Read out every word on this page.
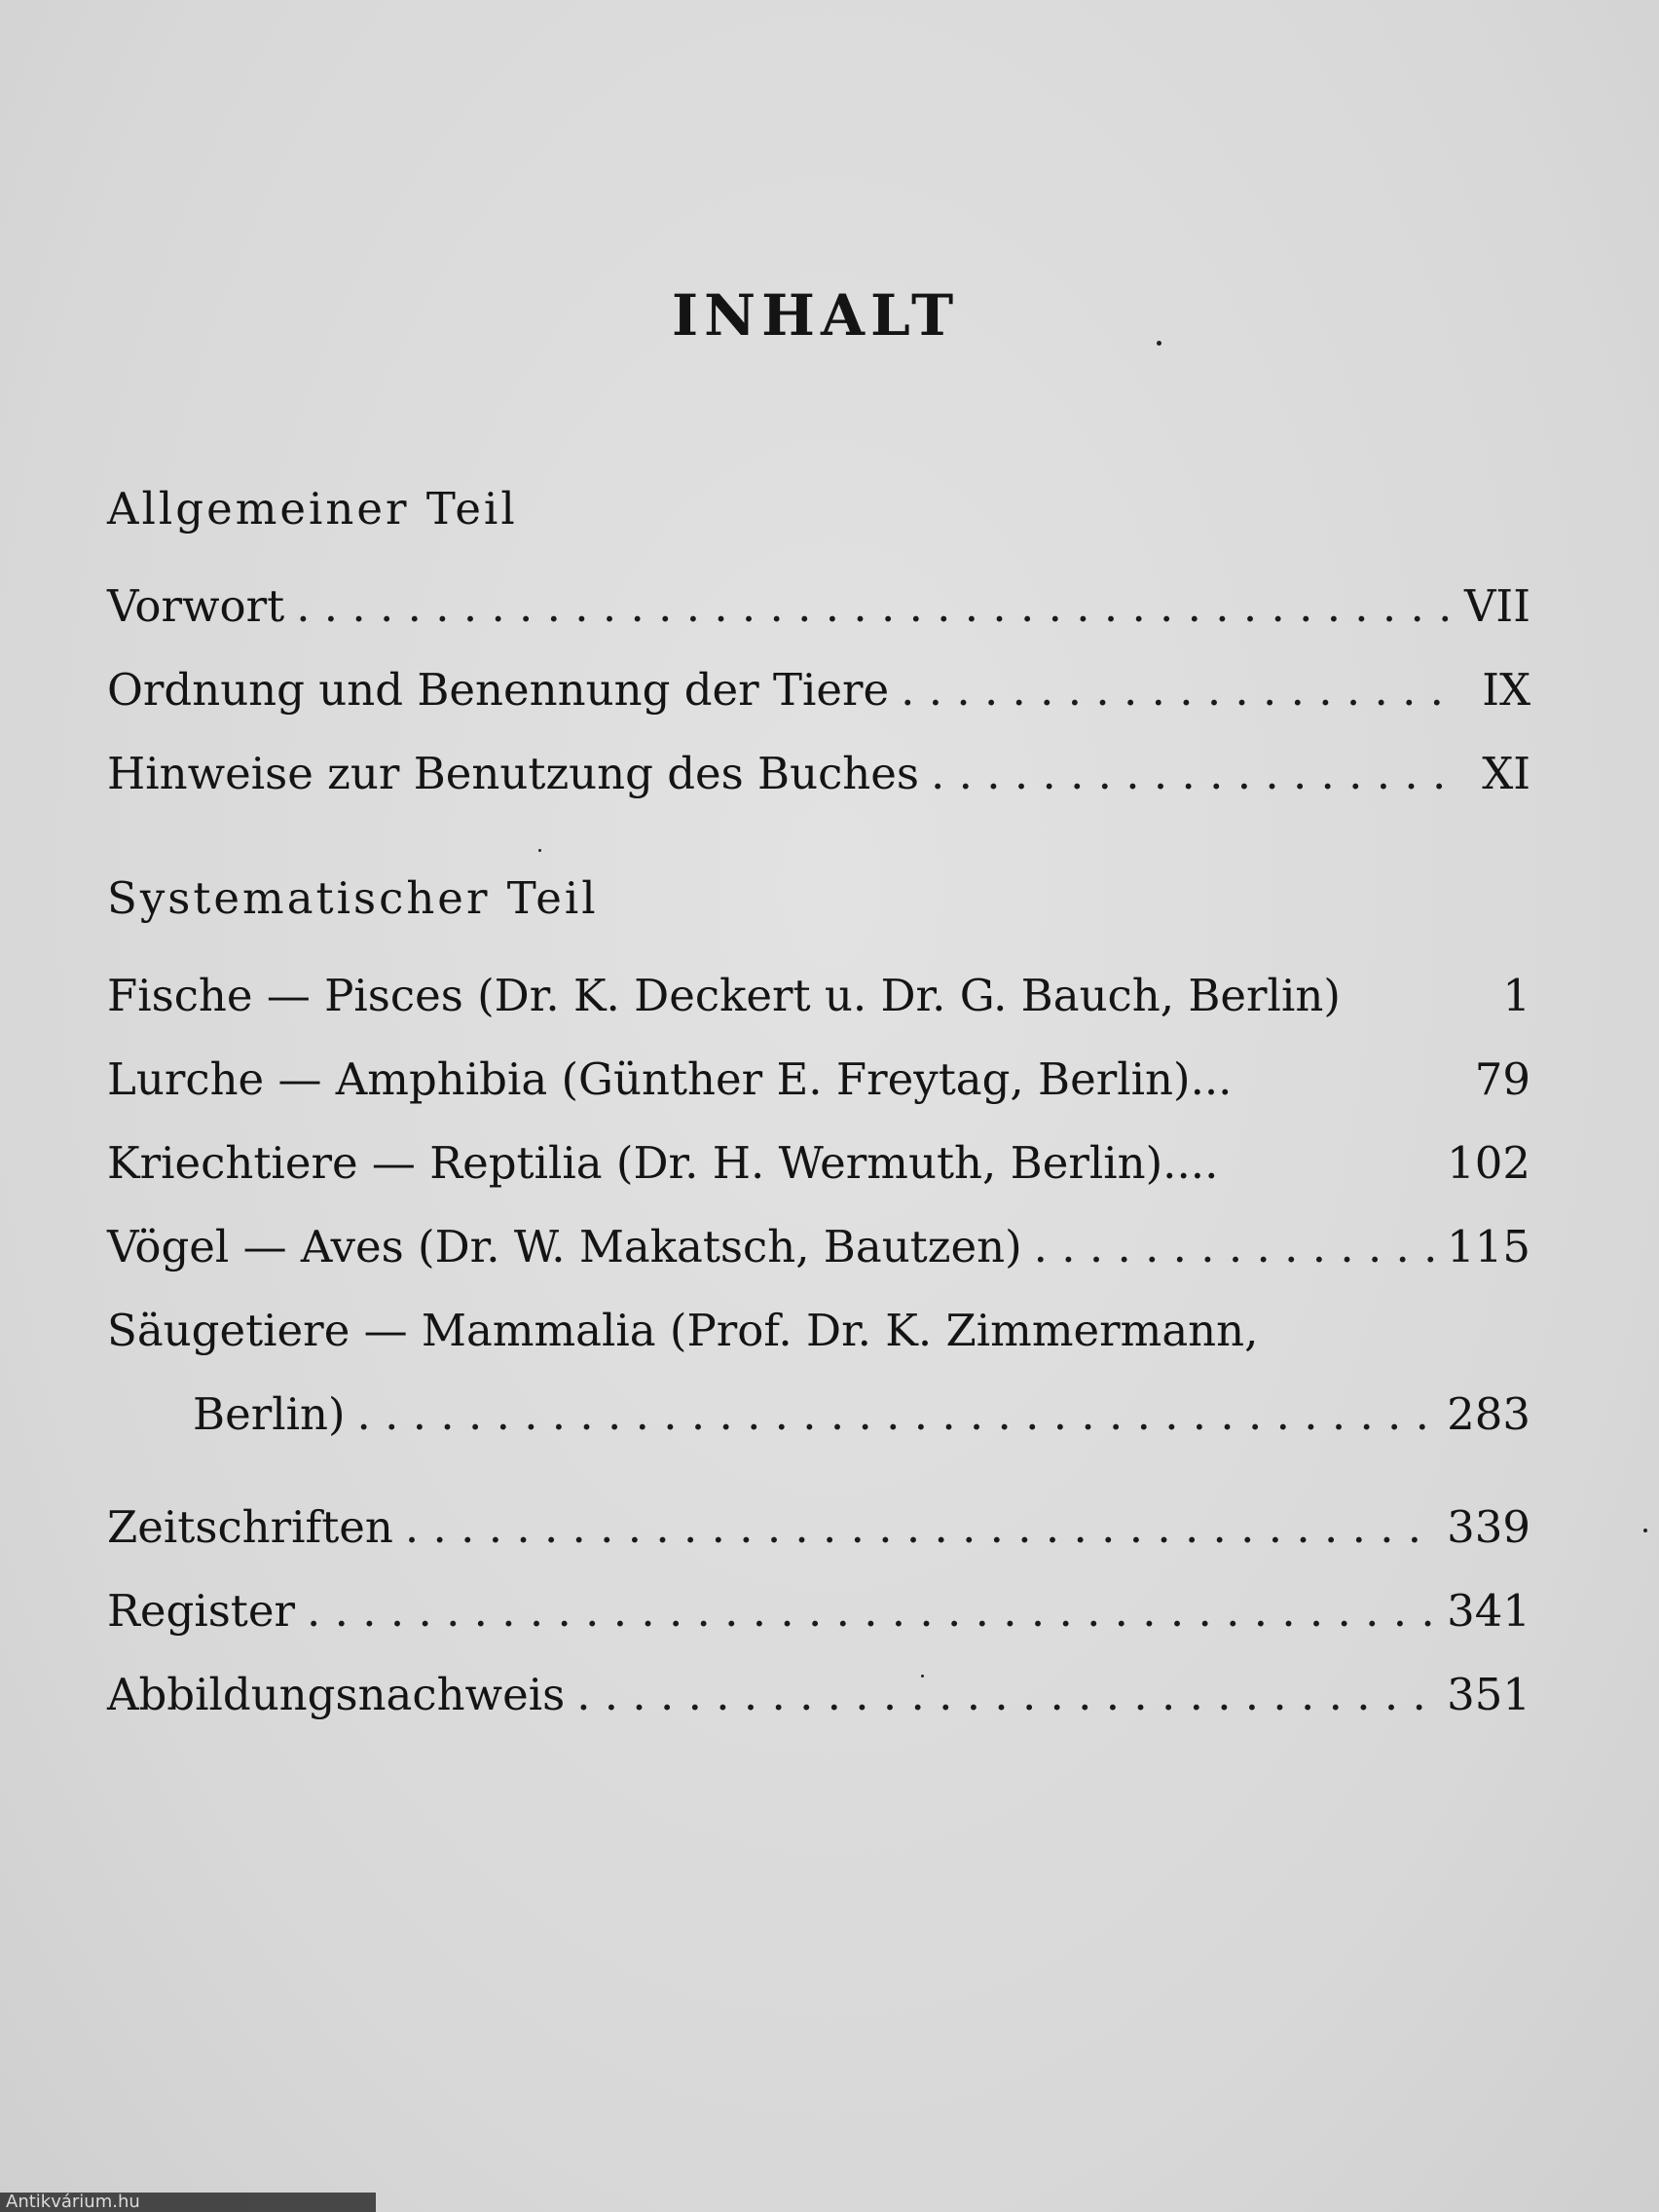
INHALT
Allgemeiner Teil
Vorwort . . .	VII
Ordnung und Benennung der Tiere . . .	IX
Hinweise zur Benutzung des Buches . . .	XI
Systematischer Teil
Fische — Pisces (Dr. K. Deckert u. Dr. G. Bauch, Berlin)	1
Lurche — Amphibia (Günther E. Freytag, Berlin)...	79
Kriechtiere — Reptilia (Dr. H. Wermuth, Berlin)....	102
Vögel — Aves (Dr. W. Makatsch, Bautzen) . . .	115
Säugetiere — Mammalia (Prof. Dr. K. Zimmermann,
Berlin) . . .	283
Zeitschriften . . .	339
Register . . .	341
Abbildungsnachweis . . .	351
Antikvárium.hu
